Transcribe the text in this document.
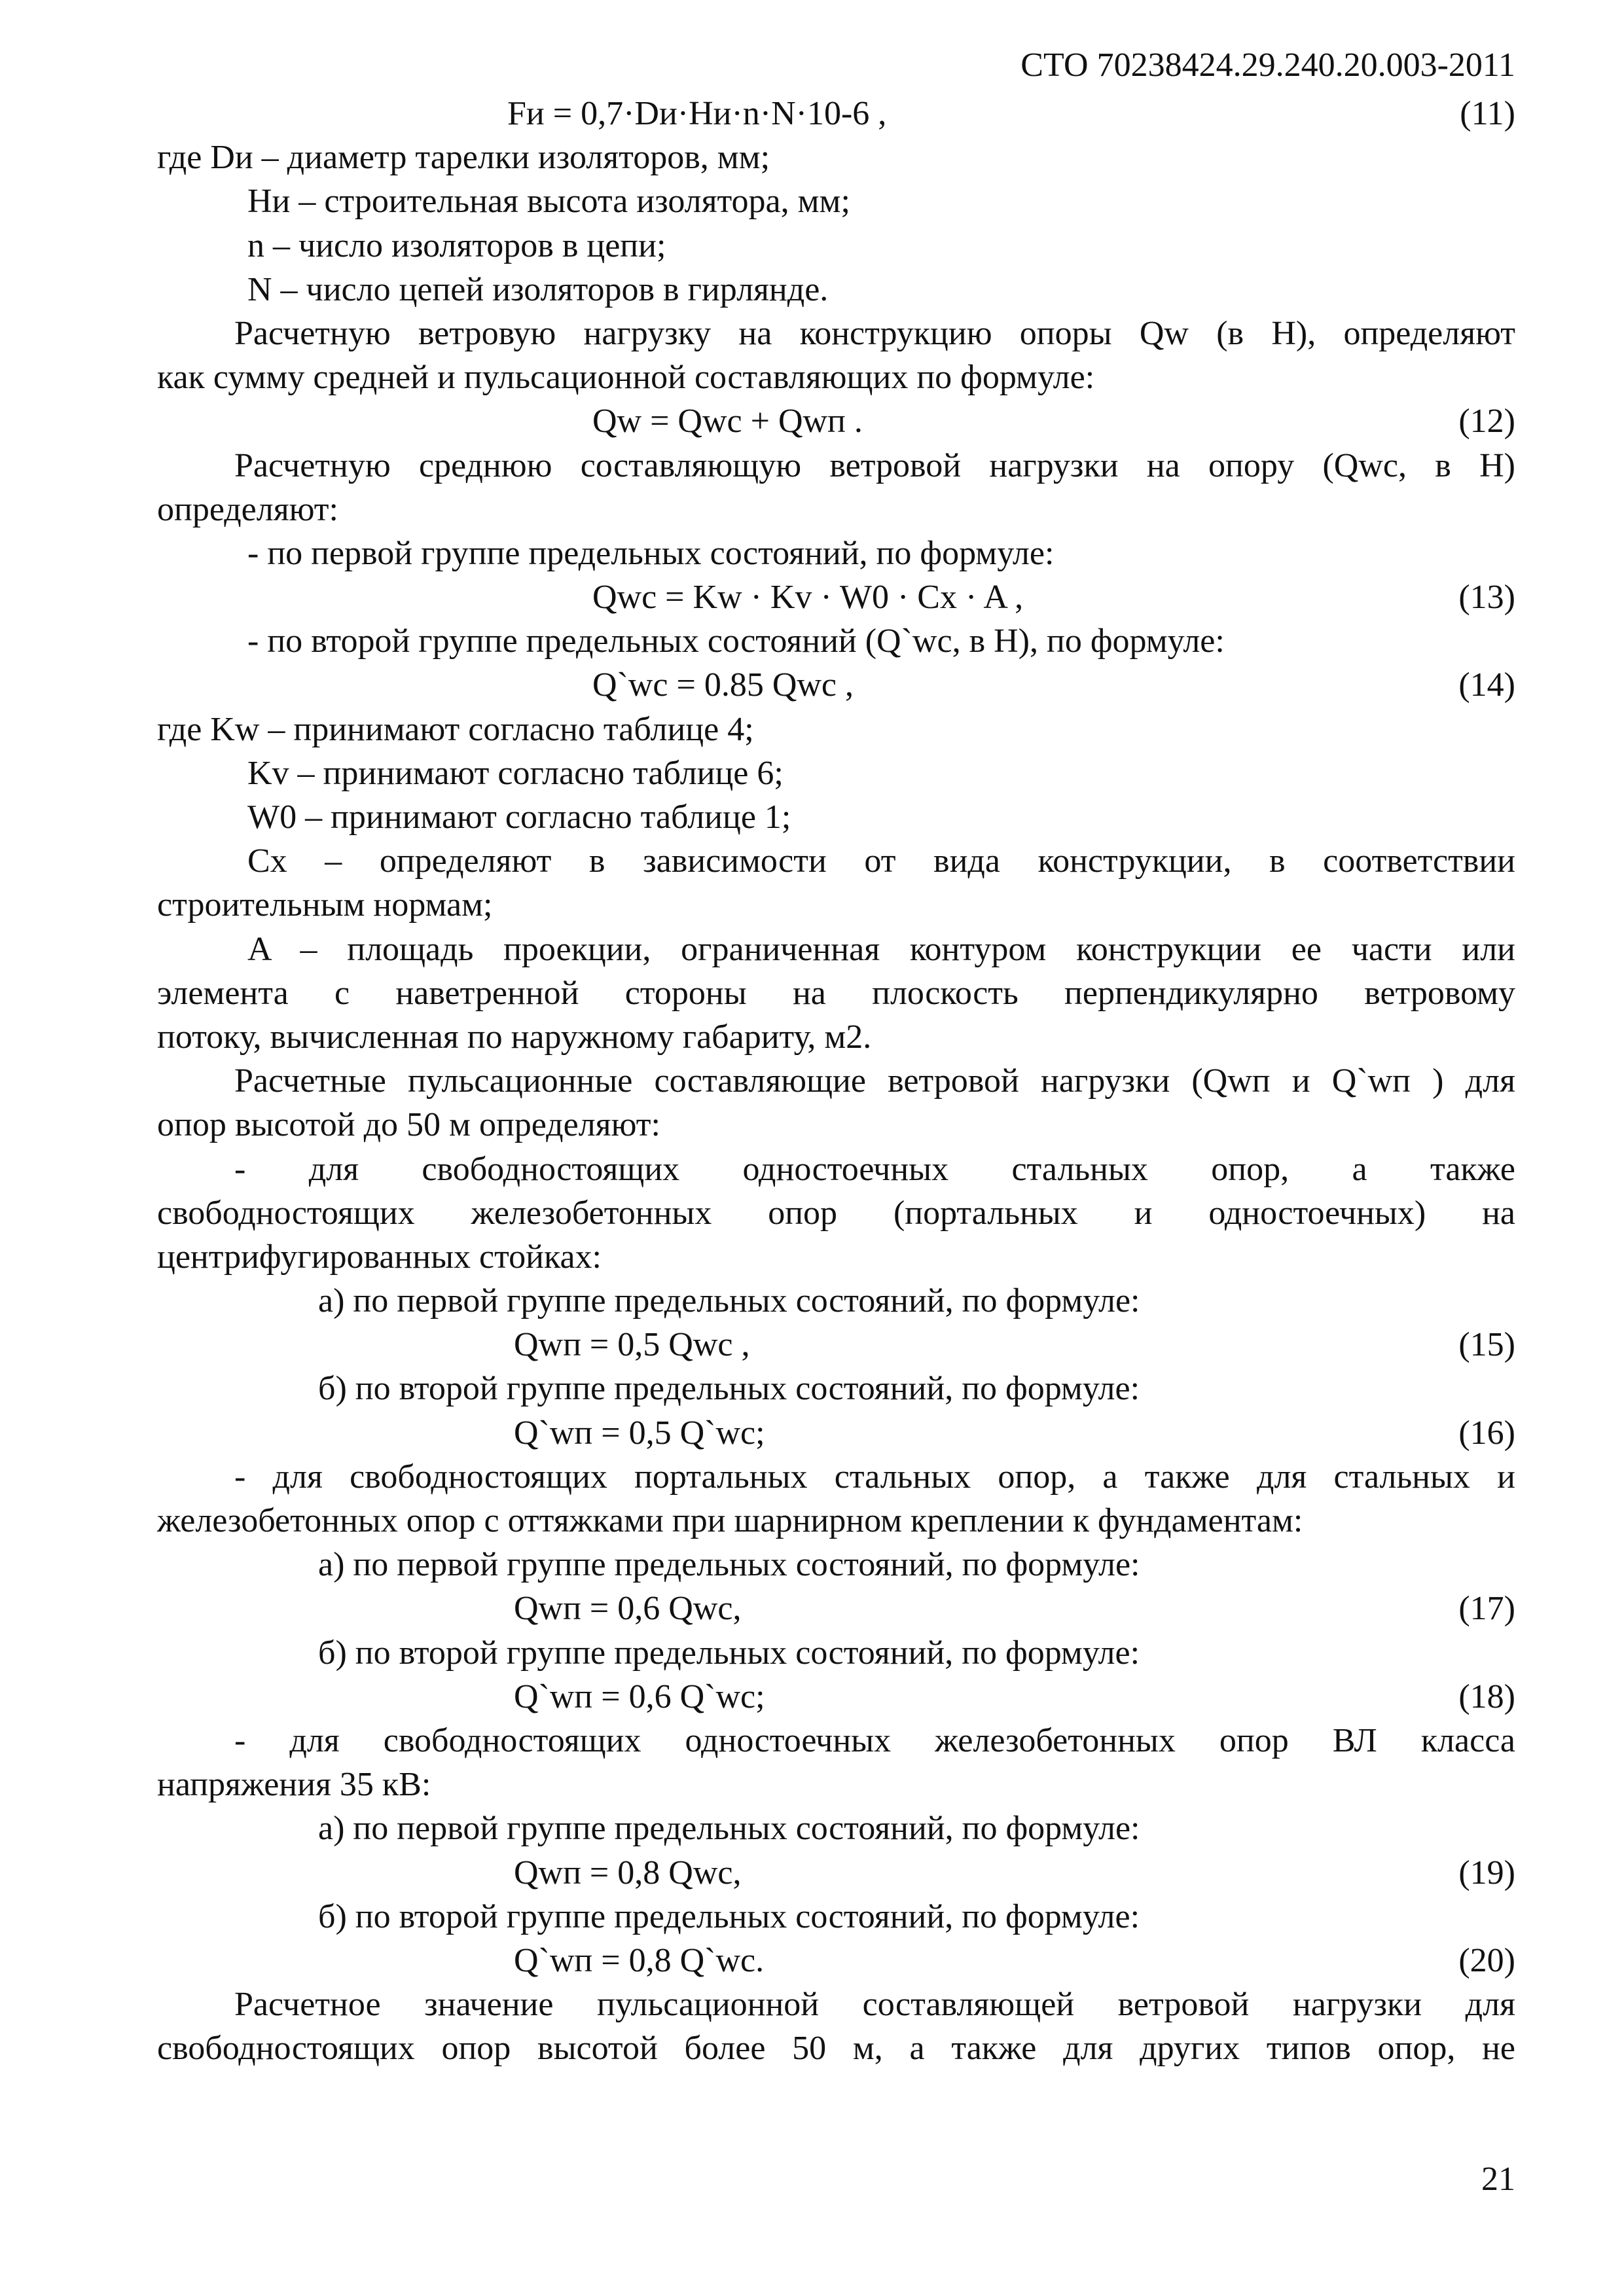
СТО 70238424.29.240.20.003-2011
Fи = 0,7·Dи·Hи·n·N·10-6 ,	(11)
где Dи – диаметр тарелки изоляторов, мм;
Hи – строительная высота изолятора, мм;
n – число изоляторов в цепи;
N – число цепей изоляторов в гирлянде.
Расчетную ветровую нагрузку на конструкцию опоры Qw (в Н), определяют
как сумму средней и пульсационной составляющих по формуле:
Qw = Qwc + Qwп .	(12)
Расчетную среднюю составляющую ветровой нагрузки на опору (Qwc, в Н)
определяют:
- по первой группе предельных состояний, по формуле:
Qwc = Kw · Kv · W0 · Cx · A ,	(13)
- по второй группе предельных состояний (Q`wc, в Н), по формуле:
Q`wc = 0.85 Qwc ,	(14)
где Kw – принимают согласно таблице 4;
Kv – принимают согласно таблице 6;
W0 – принимают согласно таблице 1;
Cx – определяют в зависимости от вида конструкции, в соответствии
строительным нормам;
A – площадь проекции, ограниченная контуром конструкции ее части или
элемента с наветренной стороны на плоскость перпендикулярно ветровому
потоку, вычисленная по наружному габариту, м2.
Расчетные пульсационные составляющие ветровой нагрузки (Qwп и Q`wп ) для
опор высотой до 50 м определяют:
- для свободностоящих одностоечных стальных опор, а также
свободностоящих железобетонных опор (портальных и одностоечных) на
центрифугированных стойках:
а) по первой группе предельных состояний, по формуле:
Qwп = 0,5 Qwc ,	(15)
б) по второй группе предельных состояний, по формуле:
Q`wп = 0,5 Q`wc;	(16)
- для свободностоящих портальных стальных опор, а также для стальных и
железобетонных опор с оттяжками при шарнирном креплении к фундаментам:
а) по первой группе предельных состояний, по формуле:
Qwп = 0,6 Qwc,	(17)
б) по второй группе предельных состояний, по формуле:
Q`wп = 0,6 Q`wc;	(18)
- для свободностоящих одностоечных железобетонных опор ВЛ класса
напряжения 35 кВ:
а) по первой группе предельных состояний, по формуле:
Qwп = 0,8 Qwc,	(19)
б) по второй группе предельных состояний, по формуле:
Q`wп = 0,8 Q`wc.	(20)
Расчетное значение пульсационной составляющей ветровой нагрузки для
свободностоящих опор высотой более 50 м, а также для других типов опор, не
21
